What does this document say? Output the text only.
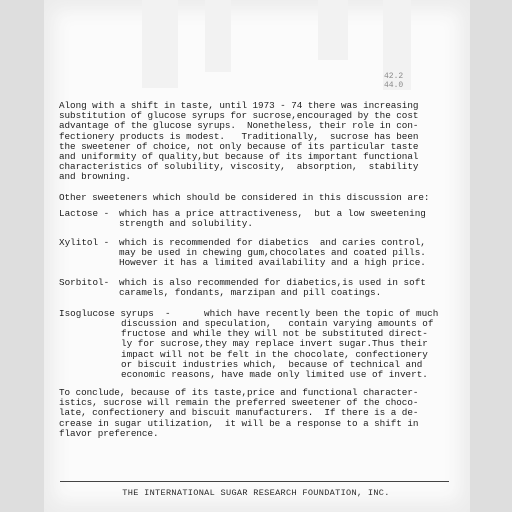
42.2
44.0
Along with a shift in taste, until 1973 - 74 there was increasing
substitution of glucose syrups for sucrose,encouraged by the cost
advantage of the glucose syrups.  Nonetheless, their role in con-
fectionery products is modest.   Traditionally,  sucrose has been
the sweetener of choice, not only because of its particular taste
and uniformity of quality,but because of its important functional
characteristics of solubility, viscosity,  absorption,  stability
and browning.
Other sweeteners which should be considered in this discussion are:
Lactose - which has a price attractiveness,  but a low sweetening
strength and solubility.
Xylitol - which is recommended for diabetics  and caries control,
may be used in chewing gum,chocolates and coated pills.
However it has a limited availability and a high price.
Sorbitol- which is also recommended for diabetics,is used in soft
caramels, fondants, marzipan and pill coatings.
Isoglucose syrups  -	which have recently been the topic of much
discussion and speculation,   contain varying amounts of
fructose and while they will not be substituted direct-
ly for sucrose,they may replace invert sugar.Thus their
impact will not be felt in the chocolate, confectionery
or biscuit industries which,  because of technical and
economic reasons, have made only limited use of invert.
To conclude, because of its taste,price and functional character-
istics, sucrose will remain the preferred sweetener of the choco-
late, confectionery and biscuit manufacturers.  If there is a de-
crease in sugar utilization,  it will be a response to a shift in
flavor preference.
THE INTERNATIONAL SUGAR RESEARCH FOUNDATION, INC.
